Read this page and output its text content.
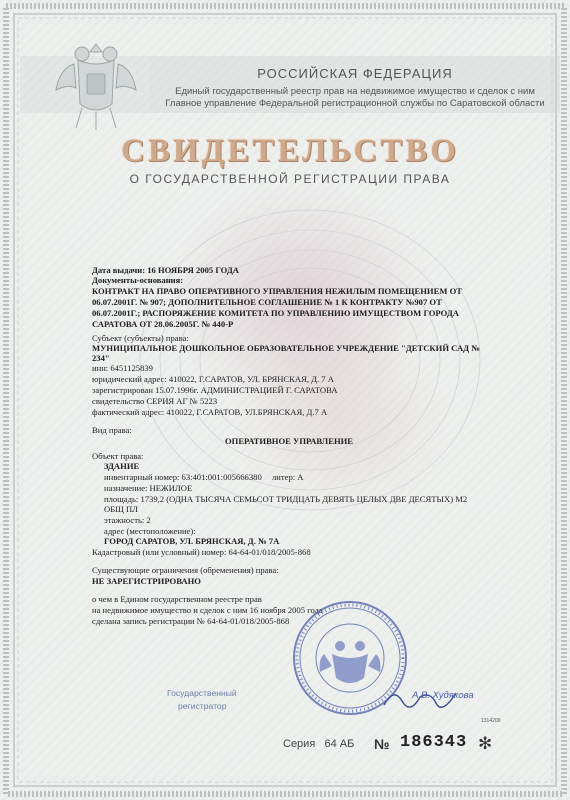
РОССИЙСКАЯ ФЕДЕРАЦИЯ
Единый государственный реестр прав на недвижимое имущество и сделок с ним
Главное управление Федеральной регистрационной службы по Саратовской области
СВИДЕТЕЛЬСТВО
О ГОСУДАРСТВЕННОЙ РЕГИСТРАЦИИ ПРАВА
Дата выдачи: 16 НОЯБРЯ 2005 ГОДА
Документы-основания:
КОНТРАКТ НА ПРАВО ОПЕРАТИВНОГО УПРАВЛЕНИЯ НЕЖИЛЫМ ПОМЕЩЕНИЕМ ОТ
06.07.2001Г. № 907; ДОПОЛНИТЕЛЬНОЕ СОГЛАШЕНИЕ № 1 К КОНТРАКТУ №907 ОТ
06.07.2001Г.; РАСПОРЯЖЕНИЕ КОМИТЕТА ПО УПРАВЛЕНИЮ ИМУЩЕСТВОМ ГОРОДА
САРАТОВА ОТ 28.06.2005Г. № 440-Р
Субъект (субъекты) права:
МУНИЦИПАЛЬНОЕ ДОШКОЛЬНОЕ ОБРАЗОВАТЕЛЬНОЕ УЧРЕЖДЕНИЕ "ДЕТСКИЙ САД №
234"
инн: 6451125839
юридический адрес: 410022, Г.САРАТОВ, УЛ. БРЯНСКАЯ, Д. 7 А
зарегистрирован 15.07.1996г. АДМИНИСТРАЦИЕЙ Г. САРАТОВА
свидетельство СЕРИЯ АГ № 5223
фактический адрес: 410022, Г.САРАТОВ, УЛ.БРЯНСКАЯ, Д.7 А
Вид права:
ОПЕРАТИВНОЕ УПРАВЛЕНИЕ
Объект права:
ЗДАНИЕ
инвентарный номер: 63:401:001:005666380 литер: А
назначение: НЕЖИЛОЕ
площадь: 1739,2 (ОДНА ТЫСЯЧА СЕМЬСОТ ТРИДЦАТЬ ДЕВЯТЬ ЦЕЛЫХ ДВЕ ДЕСЯТЫХ) М2
ОБЩ ПЛ
этажность: 2
адрес (местоположение):
ГОРОД САРАТОВ, УЛ. БРЯНСКАЯ, Д. № 7А
Кадастровый (или условный) номер: 64-64-01/018/2005-868
Существующие ограничения (обременения) права:
НЕ ЗАРЕГИСТРИРОВАНО
о чем в Едином государственном реестре прав
на недвижимое имущество и сделок с ним 16 ноября 2005 года
сделана запись регистрации № 64-64-01/018/2005-868
Государственный
регистратор
А.В. Худякова
1314200
Серия 64 АБ № 186343 ✻
